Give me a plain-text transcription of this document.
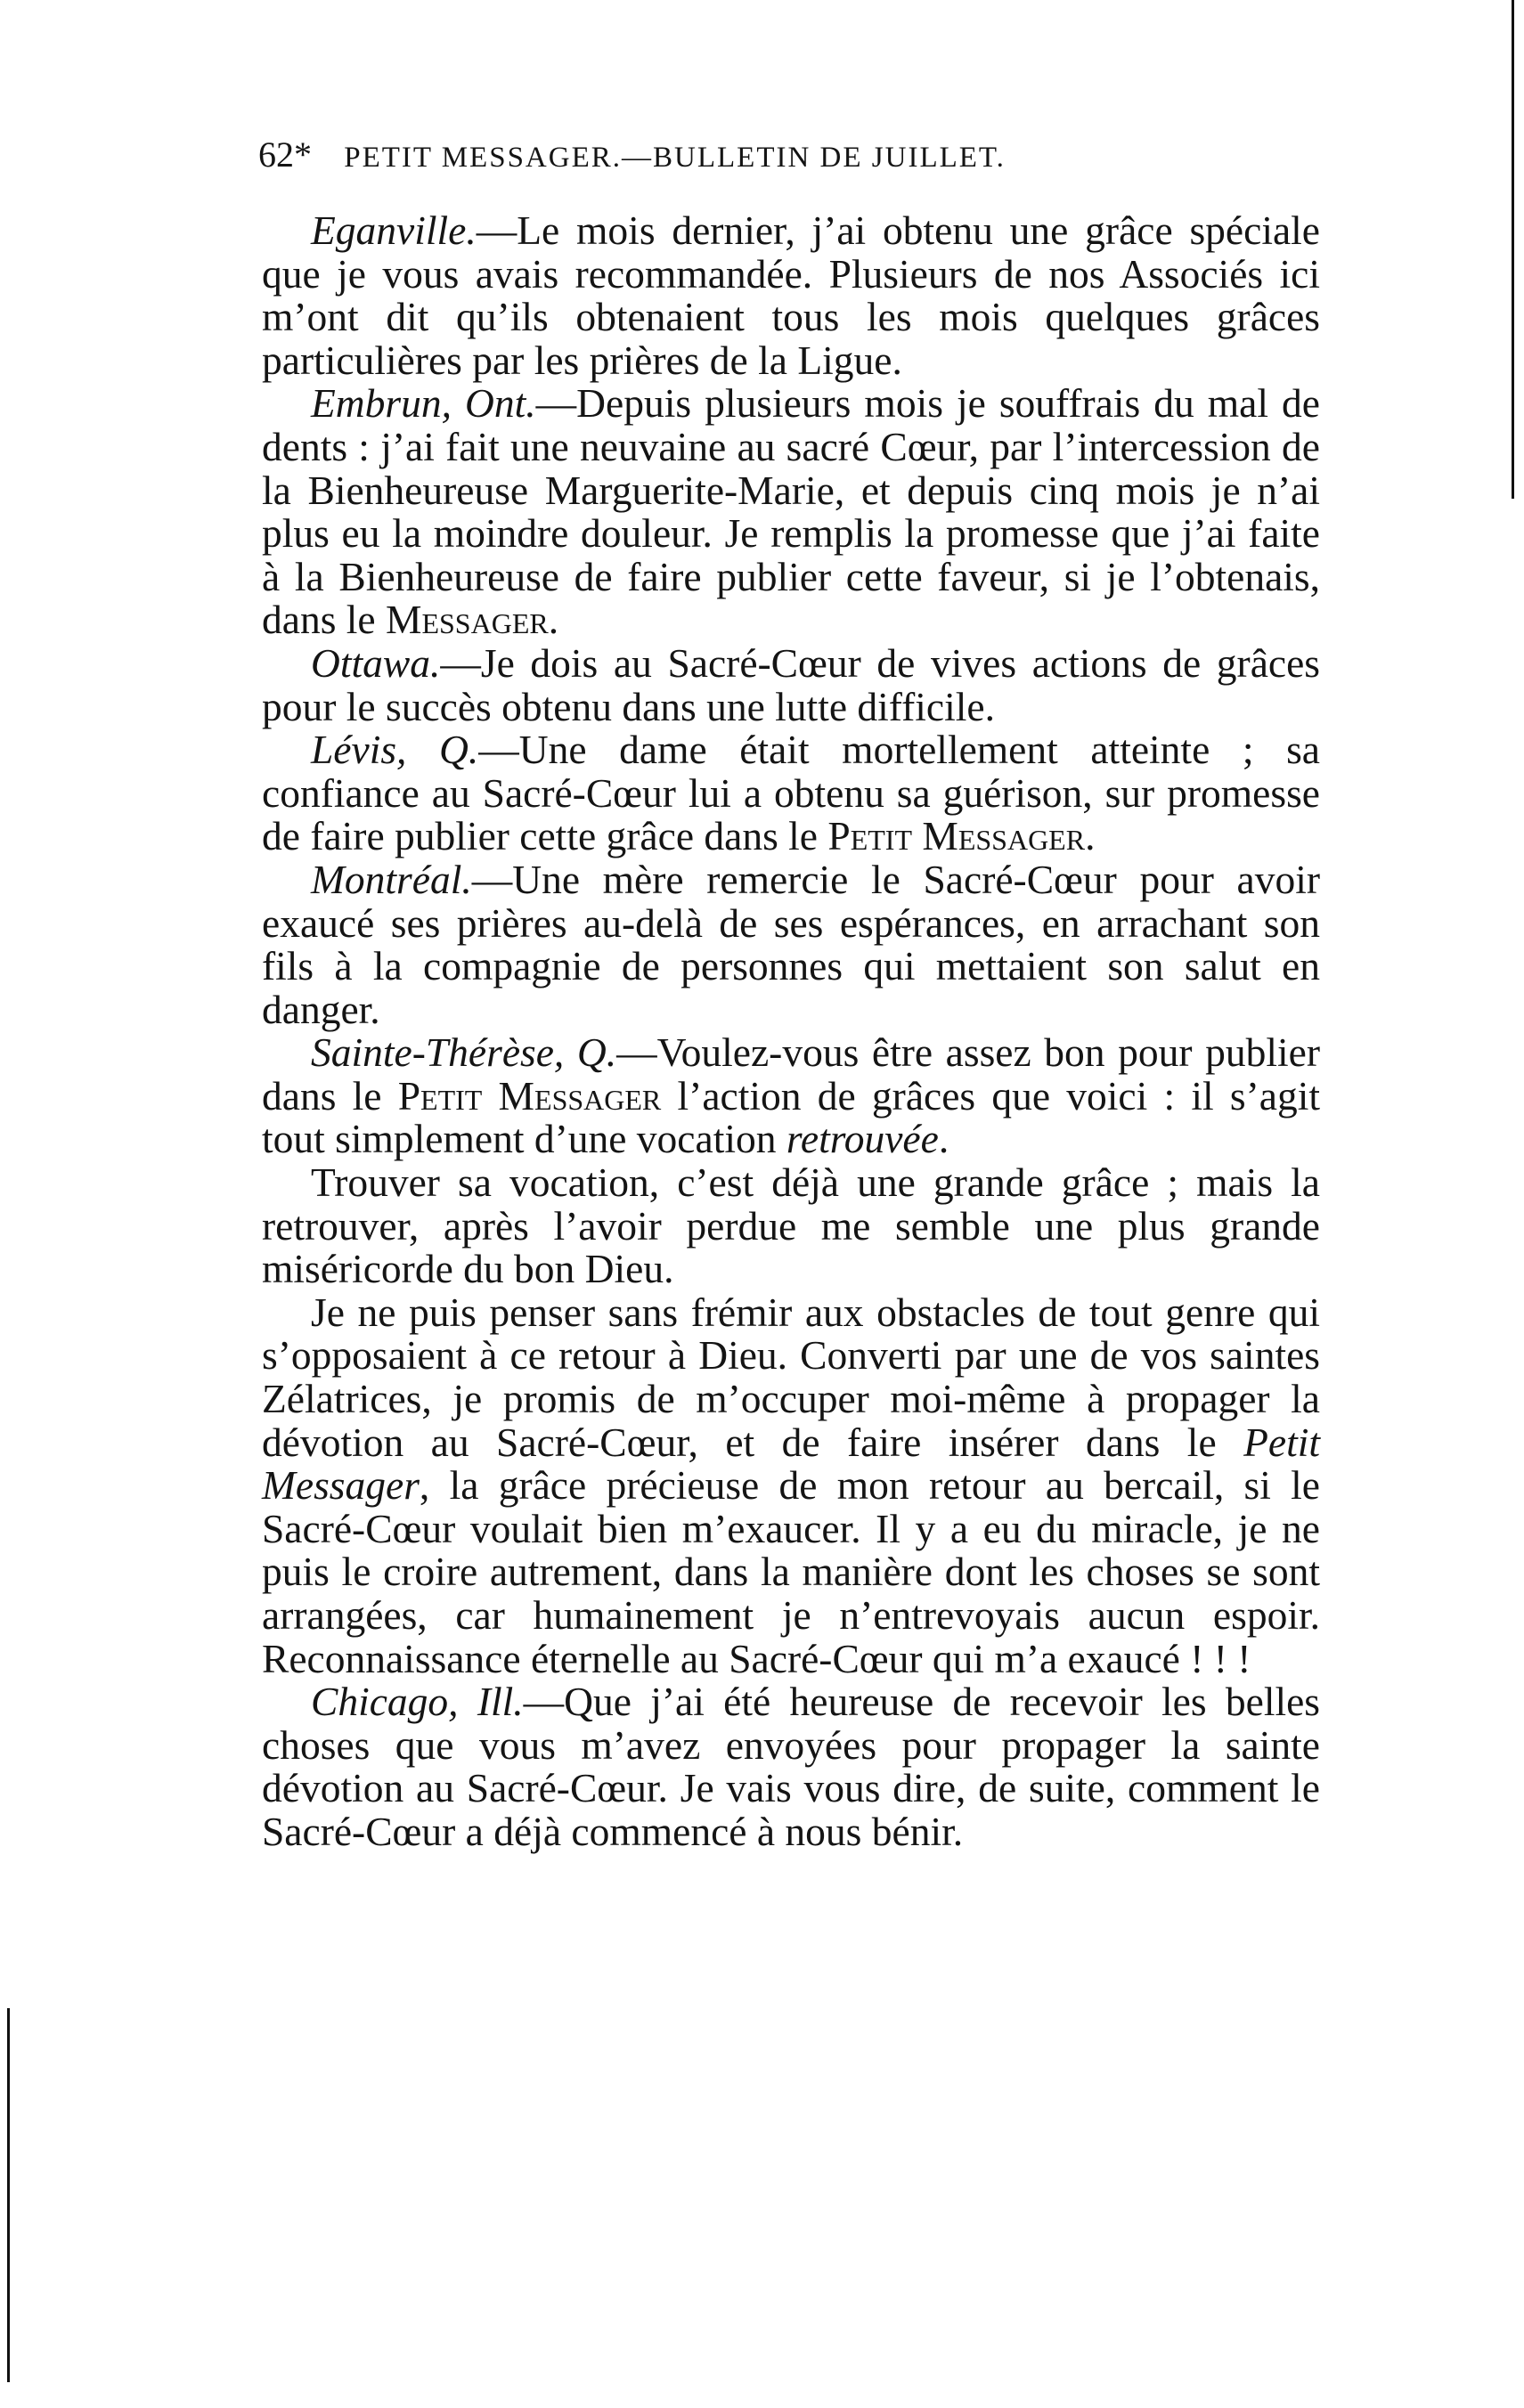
62* PETIT MESSAGER.—BULLETIN DE JUILLET.

Eganville.—Le mois dernier, j’ai obtenu une grâce spéciale que je vous avais recommandée. Plusieurs de nos Associés ici m’ont dit qu’ils obtenaient tous les mois quelques grâces particulières par les prières de la Ligue.

Embrun, Ont.—Depuis plusieurs mois je souffrais du mal de dents : j’ai fait une neuvaine au sacré Cœur, par l’intercession de la Bienheureuse Marguerite-Marie, et depuis cinq mois je n’ai plus eu la moindre douleur. Je remplis la promesse que j’ai faite à la Bienheureuse de faire publier cette faveur, si je l’obtenais, dans le Messager.

Ottawa.—Je dois au Sacré-Cœur de vives actions de grâces pour le succès obtenu dans une lutte difficile.

Lévis, Q.—Une dame était mortellement atteinte ; sa confiance au Sacré-Cœur lui a obtenu sa guérison, sur promesse de faire publier cette grâce dans le Petit Messager.

Montréal.—Une mère remercie le Sacré-Cœur pour avoir exaucé ses prières au-delà de ses espérances, en arrachant son fils à la compagnie de personnes qui mettaient son salut en danger.

Sainte-Thérèse, Q.—Voulez-vous être assez bon pour publier dans le Petit Messager l’action de grâces que voici : il s’agit tout simplement d’une vocation retrouvée.

Trouver sa vocation, c’est déjà une grande grâce ; mais la retrouver, après l’avoir perdue me semble une plus grande miséricorde du bon Dieu.

Je ne puis penser sans frémir aux obstacles de tout genre qui s’opposaient à ce retour à Dieu. Converti par une de vos saintes Zélatrices, je promis de m’occuper moi-même à propager la dévotion au Sacré-Cœur, et de faire insérer dans le Petit Messager, la grâce précieuse de mon retour au bercail, si le Sacré-Cœur voulait bien m’exaucer. Il y a eu du miracle, je ne puis le croire autrement, dans la manière dont les choses se sont arrangées, car humainement je n’entrevoyais aucun espoir. Reconnaissance éternelle au Sacré-Cœur qui m’a exaucé ! ! !

Chicago, Ill.—Que j’ai été heureuse de recevoir les belles choses que vous m’avez envoyées pour propager la sainte dévotion au Sacré-Cœur. Je vais vous dire, de suite, comment le Sacré-Cœur a déjà commencé à nous bénir.
